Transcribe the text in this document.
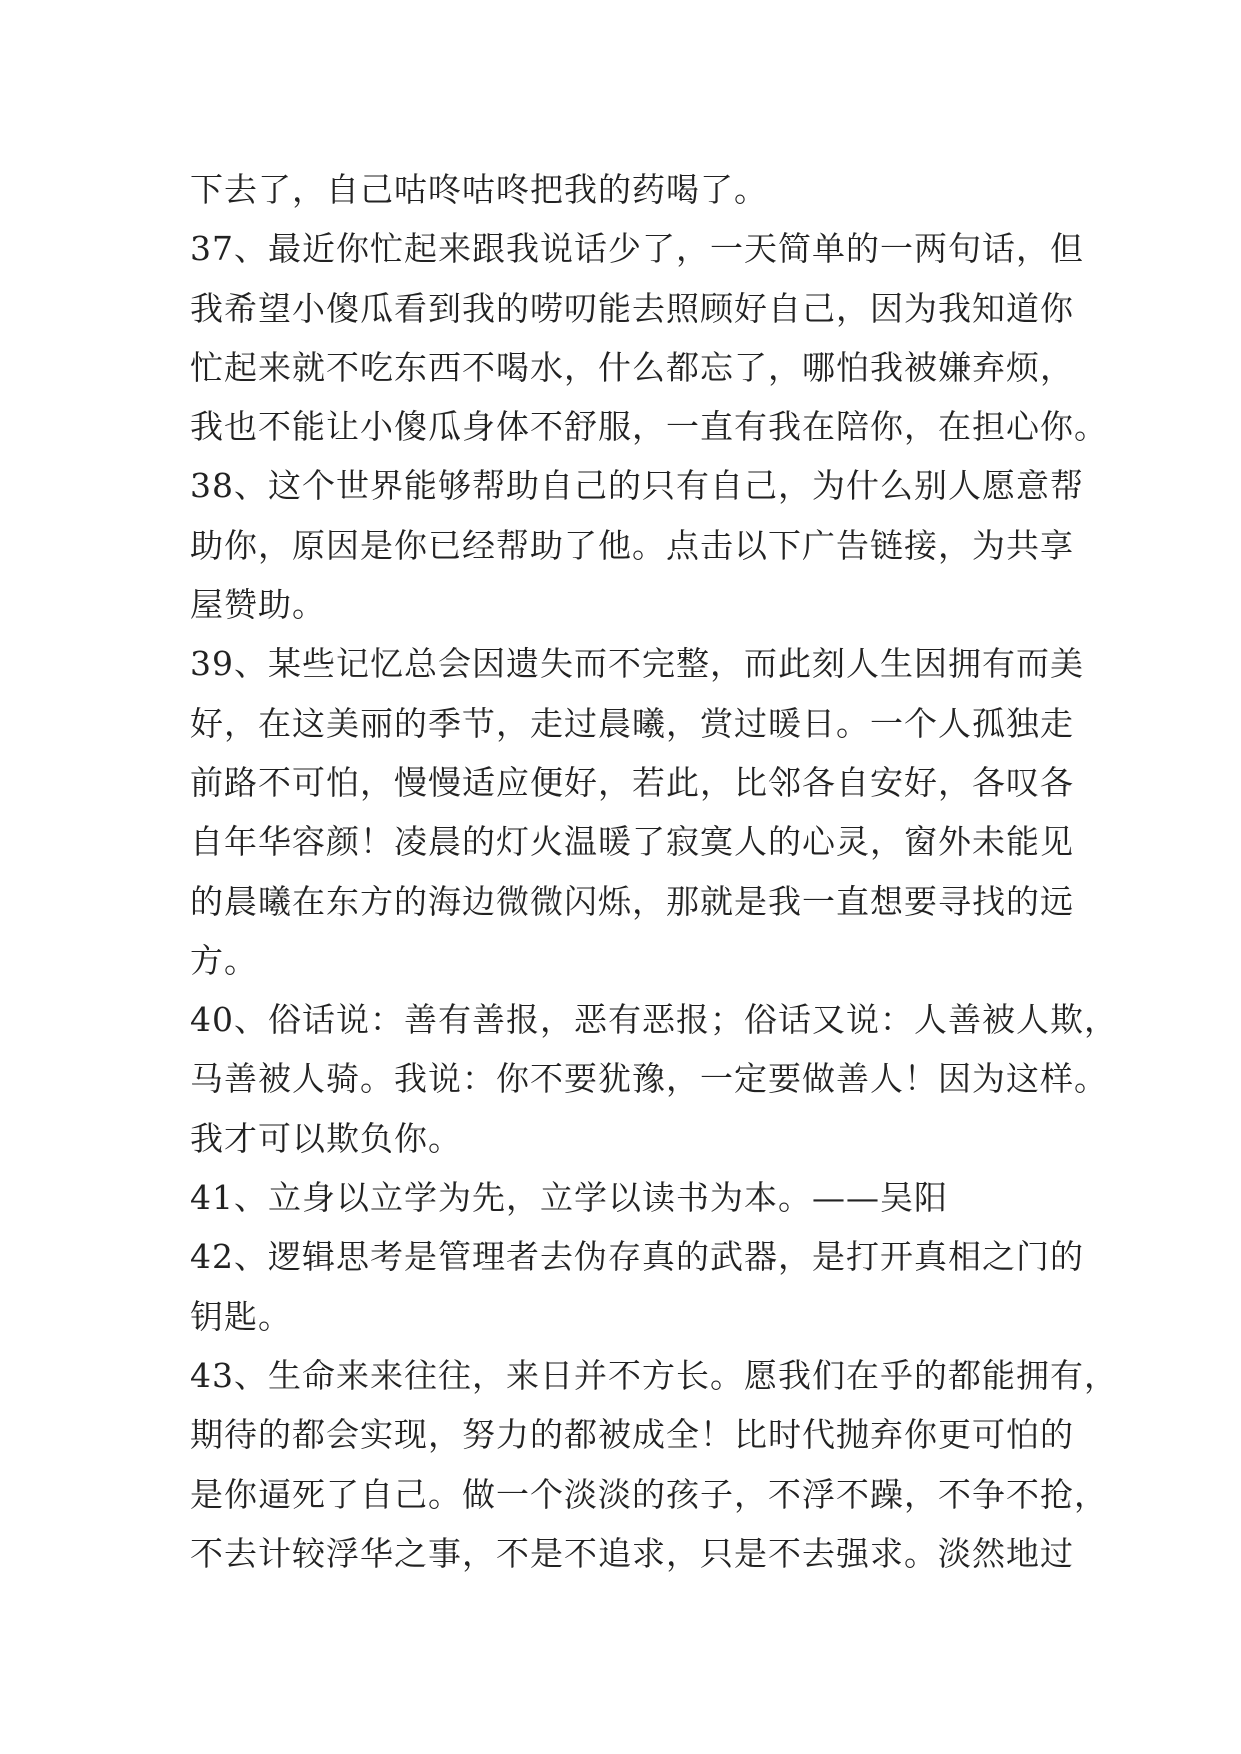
下去了，自己咕咚咕咚把我的药喝了。
37、最近你忙起来跟我说话少了，一天简单的一两句话，但
我希望小傻瓜看到我的唠叨能去照顾好自己，因为我知道你
忙起来就不吃东西不喝水，什么都忘了，哪怕我被嫌弃烦，
我也不能让小傻瓜身体不舒服，一直有我在陪你，在担心你。
38、这个世界能够帮助自己的只有自己，为什么别人愿意帮
助你，原因是你已经帮助了他。点击以下广告链接，为共享
屋赞助。
39、某些记忆总会因遗失而不完整，而此刻人生因拥有而美
好，在这美丽的季节，走过晨曦，赏过暖日。一个人孤独走
前路不可怕，慢慢适应便好，若此，比邻各自安好，各叹各
自年华容颜！凌晨的灯火温暖了寂寞人的心灵，窗外未能见
的晨曦在东方的海边微微闪烁，那就是我一直想要寻找的远
方。
40、俗话说：善有善报，恶有恶报；俗话又说：人善被人欺，
马善被人骑。我说：你不要犹豫，一定要做善人！因为这样。
我才可以欺负你。
41、立身以立学为先，立学以读书为本。——吴阳
42、逻辑思考是管理者去伪存真的武器，是打开真相之门的
钥匙。
43、生命来来往往，来日并不方长。愿我们在乎的都能拥有，
期待的都会实现，努力的都被成全！比时代抛弃你更可怕的
是你逼死了自己。做一个淡淡的孩子，不浮不躁，不争不抢，
不去计较浮华之事，不是不追求，只是不去强求。淡然地过
